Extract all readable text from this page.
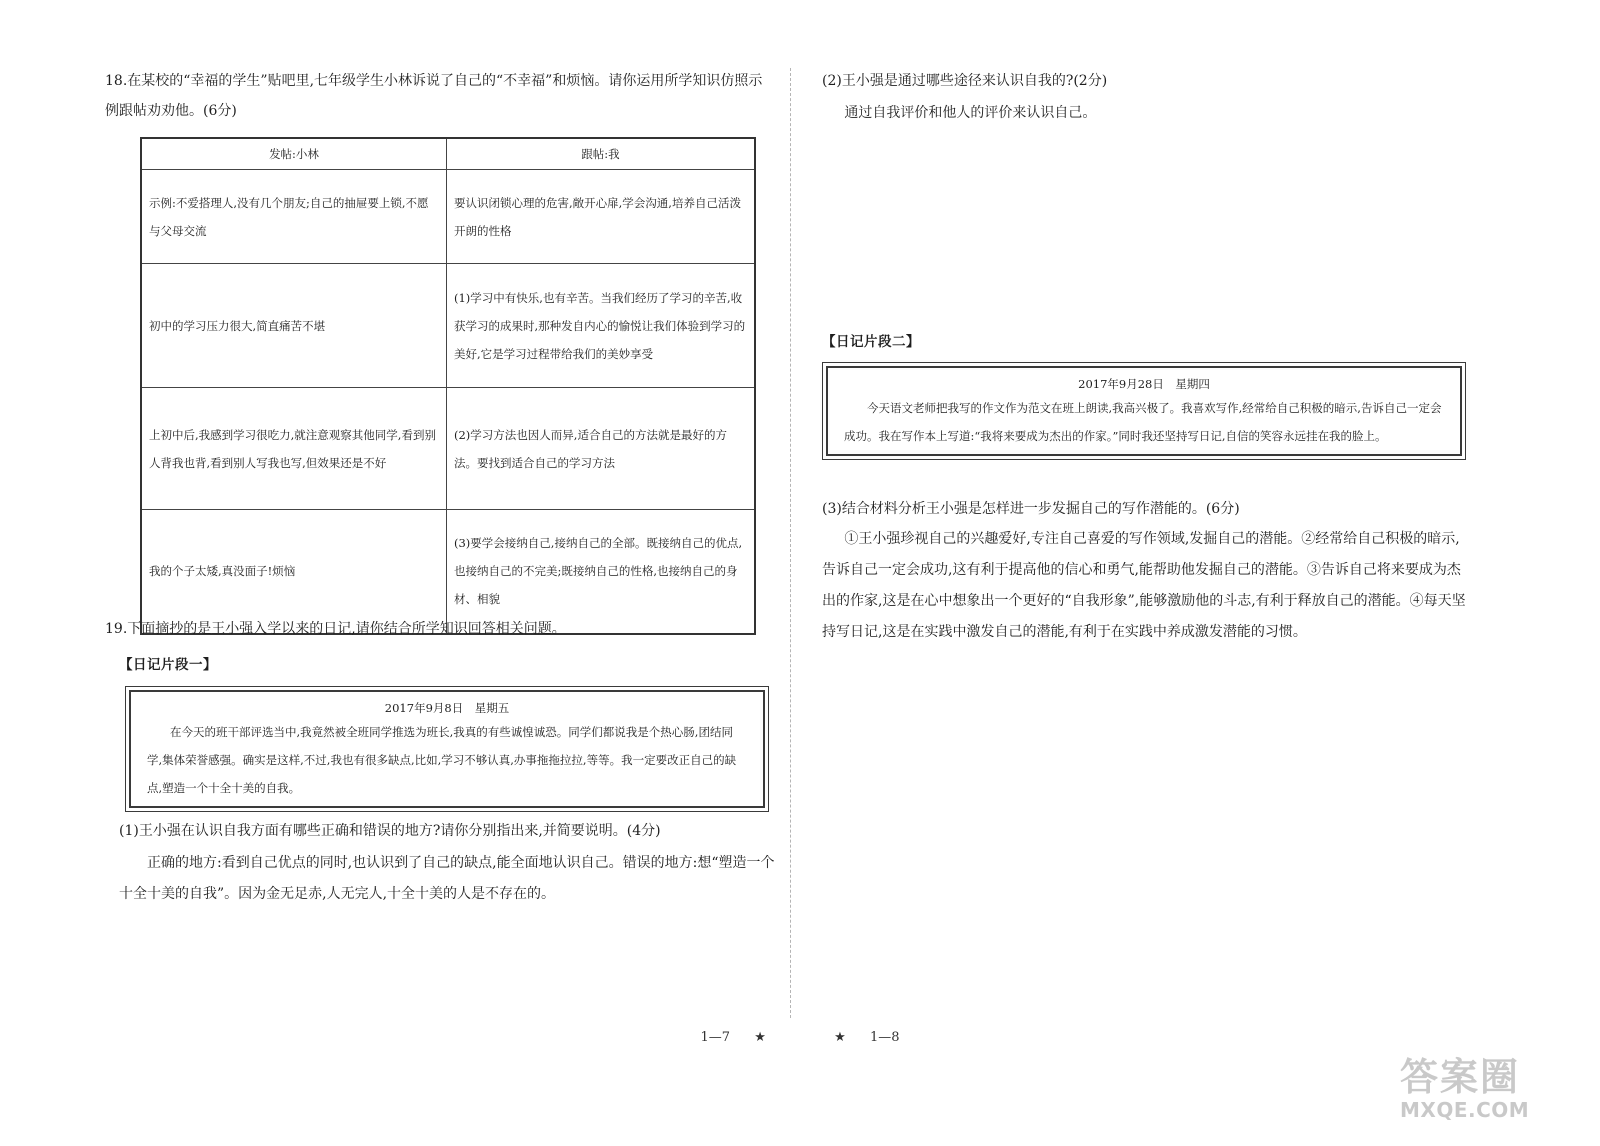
18.在某校的“幸福的学生”贴吧里,七年级学生小林诉说了自己的“不幸福”和烦恼。请你运用所学知识仿照示例跟帖劝劝他。(6分)

发帖:小林	跟帖:我
示例:不爱搭理人,没有几个朋友;自己的抽屉要上锁,不愿与父母交流	要认识闭锁心理的危害,敞开心扉,学会沟通,培养自己活泼开朗的性格
初中的学习压力很大,简直痛苦不堪	(1)学习中有快乐,也有辛苦。当我们经历了学习的辛苦,收获学习的成果时,那种发自内心的愉悦让我们体验到学习的美好,它是学习过程带给我们的美妙享受
上初中后,我感到学习很吃力,就注意观察其他同学,看到别人背我也背,看到别人写我也写,但效果还是不好	(2)学习方法也因人而异,适合自己的方法就是最好的方法。要找到适合自己的学习方法
我的个子太矮,真没面子!烦恼	(3)要学会接纳自己,接纳自己的全部。既接纳自己的优点,也接纳自己的不完美;既接纳自己的性格,也接纳自己的身材、相貌

19.下面摘抄的是王小强入学以来的日记,请你结合所学知识回答相关问题。

【日记片段一】
2017年9月8日　星期五

在今天的班干部评选当中,我竟然被全班同学推选为班长,我真的有些诚惶诚恐。同学们都说我是个热心肠,团结同学,集体荣誉感强。确实是这样,不过,我也有很多缺点,比如,学习不够认真,办事拖拖拉拉,等等。我一定要改正自己的缺点,塑造一个十全十美的自我。

(1)王小强在认识自我方面有哪些正确和错误的地方?请你分别指出来,并简要说明。(4分)

正确的地方:看到自己优点的同时,也认识到了自己的缺点,能全面地认识自己。错误的地方:想“塑造一个十全十美的自我”。因为金无足赤,人无完人,十全十美的人是不存在的。

(2)王小强是通过哪些途径来认识自我的?(2分)

通过自我评价和他人的评价来认识自己。

【日记片段二】
2017年9月28日　星期四

今天语文老师把我写的作文作为范文在班上朗读,我高兴极了。我喜欢写作,经常给自己积极的暗示,告诉自己一定会成功。我在写作本上写道:“我将来要成为杰出的作家。”同时我还坚持写日记,自信的笑容永远挂在我的脸上。

(3)结合材料分析王小强是怎样进一步发掘自己的写作潜能的。(6分)

①王小强珍视自己的兴趣爱好,专注自己喜爱的写作领域,发掘自己的潜能。②经常给自己积极的暗示,告诉自己一定会成功,这有利于提高他的信心和勇气,能帮助他发掘自己的潜能。③告诉自己将来要成为杰出的作家,这是在心中想象出一个更好的“自我形象”,能够激励他的斗志,有利于释放自己的潜能。④每天坚持写日记,这是在实践中激发自己的潜能,有利于在实践中养成激发潜能的习惯。

1—7 ★	★ 1—8
答案圈
MXQE.COM
